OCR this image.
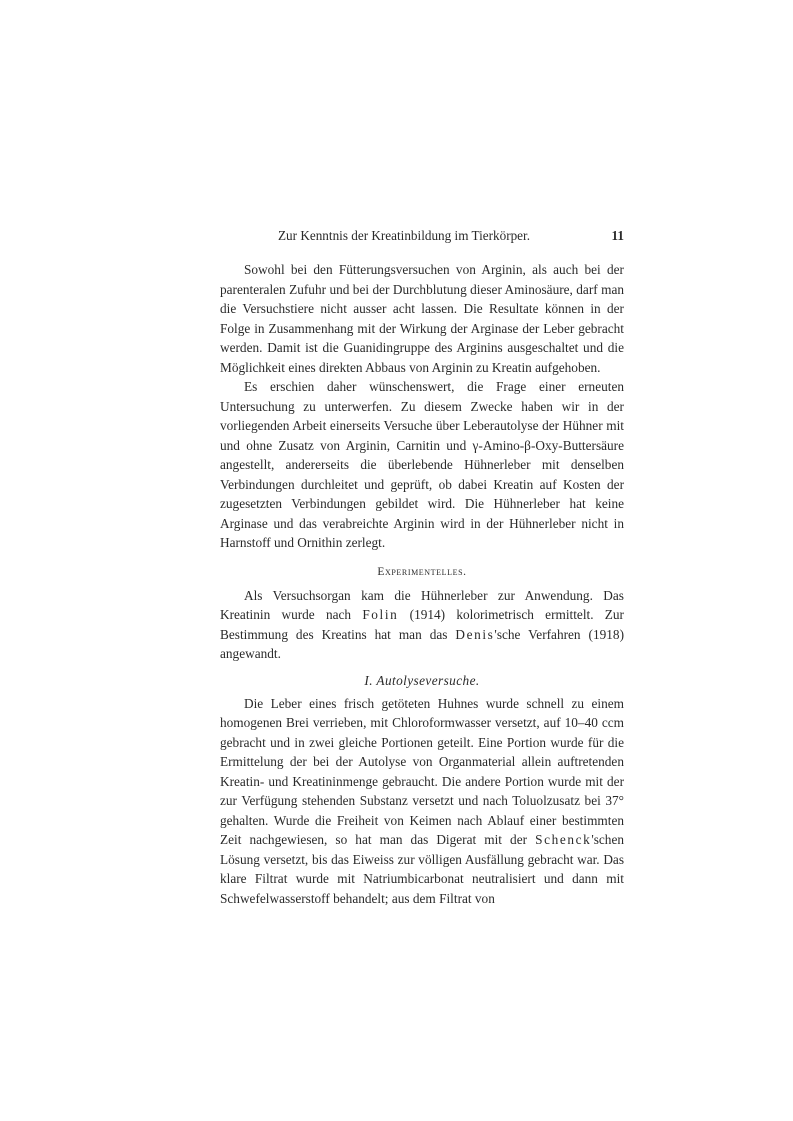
Zur Kenntnis der Kreatinbildung im Tierkörper.	11

Sowohl bei den Fütterungsversuchen von Arginin, als auch bei der parenteralen Zufuhr und bei der Durchblutung dieser Aminosäure, darf man die Versuchstiere nicht ausser acht lassen. Die Resultate können in der Folge in Zusammenhang mit der Wirkung der Arginase der Leber gebracht werden. Damit ist die Guanidingruppe des Arginins ausgeschaltet und die Möglichkeit eines direkten Abbaus von Arginin zu Kreatin aufgehoben.

Es erschien daher wünschenswert, die Frage einer erneuten Untersuchung zu unterwerfen. Zu diesem Zwecke haben wir in der vorliegenden Arbeit einerseits Versuche über Leberautolyse der Hühner mit und ohne Zusatz von Arginin, Carnitin und γ-Amino-β-Oxy-Buttersäure angestellt, andererseits die überlebende Hühnerleber mit denselben Verbindungen durchleitet und geprüft, ob dabei Kreatin auf Kosten der zugesetzten Verbindungen gebildet wird. Die Hühnerleber hat keine Arginase und das verabreichte Arginin wird in der Hühnerleber nicht in Harnstoff und Ornithin zerlegt.

Experimentelles.

Als Versuchsorgan kam die Hühnerleber zur Anwendung. Das Kreatinin wurde nach Folin (1914) kolorimetrisch ermittelt. Zur Bestimmung des Kreatins hat man das Denis'sche Verfahren (1918) angewandt.

I. Autolyseversuche.

Die Leber eines frisch getöteten Huhnes wurde schnell zu einem homogenen Brei verrieben, mit Chloroformwasser versetzt, auf 10–40 ccm gebracht und in zwei gleiche Portionen geteilt. Eine Portion wurde für die Ermittelung der bei der Autolyse von Organmaterial allein auftretenden Kreatin- und Kreatininmenge gebraucht. Die andere Portion wurde mit der zur Verfügung stehenden Substanz versetzt und nach Toluolzusatz bei 37° gehalten. Wurde die Freiheit von Keimen nach Ablauf einer bestimmten Zeit nachgewiesen, so hat man das Digerat mit der Schenck'schen Lösung versetzt, bis das Eiweiss zur völligen Ausfällung gebracht war. Das klare Filtrat wurde mit Natriumbicarbonat neutralisiert und dann mit Schwefelwasserstoff behandelt; aus dem Filtrat von
